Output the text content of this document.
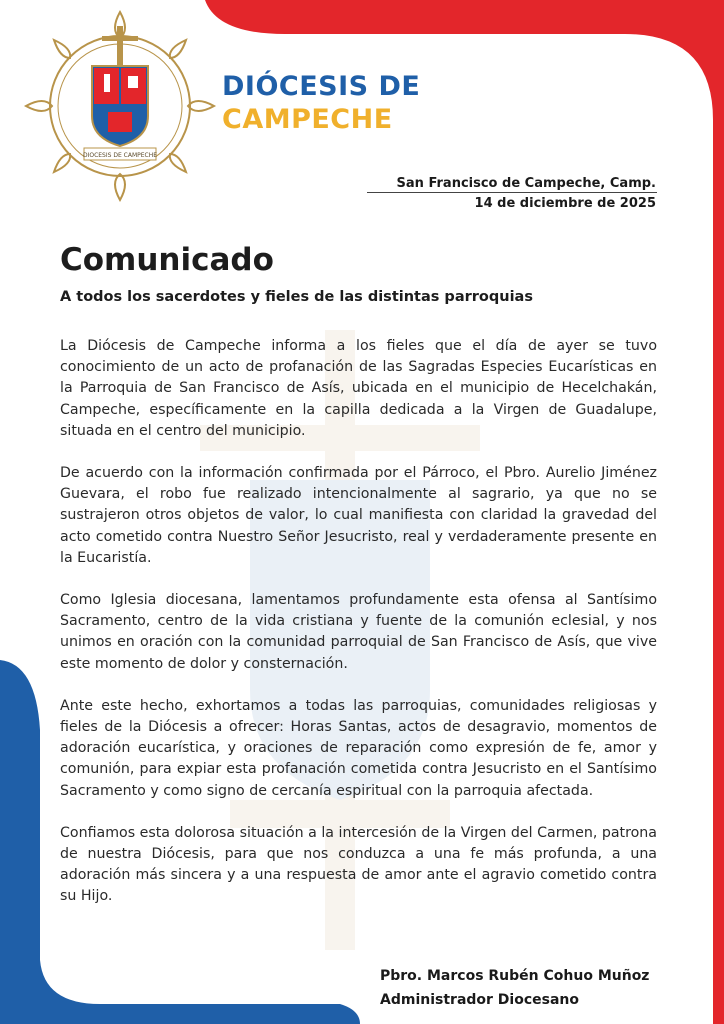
DIOCESIS DE CAMPECHE
DIÓCESIS DE
CAMPECHE
San Francisco de Campeche, Camp.
14 de diciembre de 2025
Comunicado
A todos los sacerdotes y fieles de las distintas parroquias

La Diócesis de Campeche informa a los fieles que el día de ayer se tuvo conocimiento de un acto de profanación de las Sagradas Especies Eucarísticas en la Parroquia de San Francisco de Asís, ubicada en el municipio de Hecelchakán, Campeche, específicamente en la capilla dedicada a la Virgen de Guadalupe, situada en el centro del municipio.

De acuerdo con la información confirmada por el Párroco, el Pbro. Aurelio Jiménez Guevara, el robo fue realizado intencionalmente al sagrario, ya que no se sustrajeron otros objetos de valor, lo cual manifiesta con claridad la gravedad del acto cometido contra Nuestro Señor Jesucristo, real y verdaderamente presente en la Eucaristía.

Como Iglesia diocesana, lamentamos profundamente esta ofensa al Santísimo Sacramento, centro de la vida cristiana y fuente de la comunión eclesial, y nos unimos en oración con la comunidad parroquial de San Francisco de Asís, que vive este momento de dolor y consternación.

Ante este hecho, exhortamos a todas las parroquias, comunidades religiosas y fieles de la Diócesis a ofrecer: Horas Santas, actos de desagravio, momentos de adoración eucarística, y oraciones de reparación como expresión de fe, amor y comunión, para expiar esta profanación cometida contra Jesucristo en el Santísimo Sacramento y como signo de cercanía espiritual con la parroquia afectada.

Confiamos esta dolorosa situación a la intercesión de la Virgen del Carmen, patrona de nuestra Diócesis, para que nos conduzca a una fe más profunda, a una adoración más sincera y a una respuesta de amor ante el agravio cometido contra su Hijo.

Pbro. Marcos Rubén Cohuo Muñoz
Administrador Diocesano
